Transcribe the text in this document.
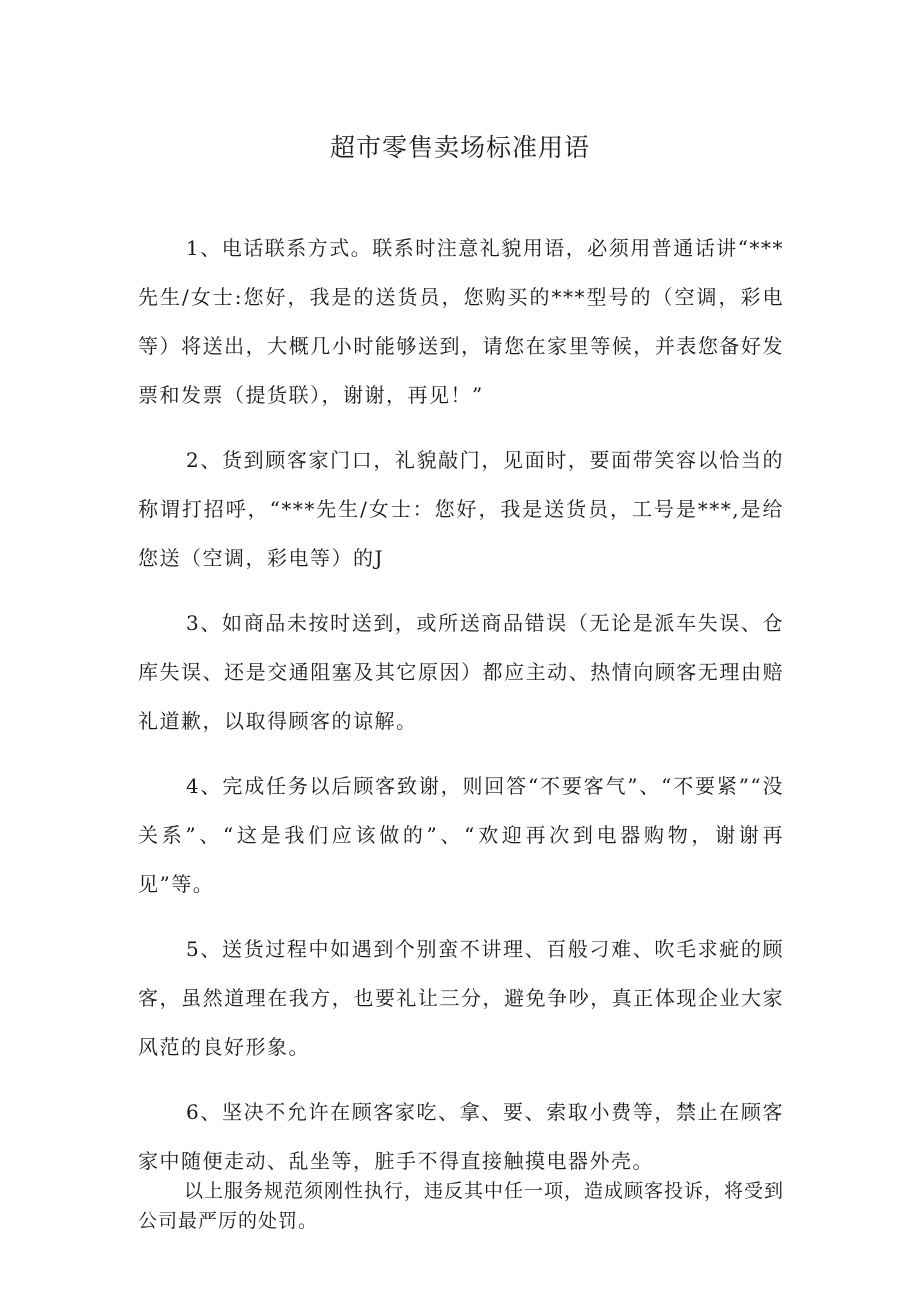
超市零售卖场标准用语

1、电话联系方式。联系时注意礼貌用语，必须用普通话讲“***先生/女士:您好，我是的送货员，您购买的***型号的（空调，彩电等）将送出，大概几小时能够送到，请您在家里等候，并表您备好发票和发票（提货联），谢谢，再见！”

2、货到顾客家门口，礼貌敲门，见面时，要面带笑容以恰当的称谓打招呼，“***先生/女士：您好，我是送货员，工号是***,是给您送（空调，彩电等）的J

3、如商品未按时送到，或所送商品错误（无论是派车失误、仓库失误、还是交通阻塞及其它原因）都应主动、热情向顾客无理由赔礼道歉，以取得顾客的谅解。

4、完成任务以后顾客致谢，则回答“不要客气”、“不要紧”“没关系”、“这是我们应该做的”、“欢迎再次到电器购物，谢谢再见”等。

5、送货过程中如遇到个别蛮不讲理、百般刁难、吹毛求疵的顾客，虽然道理在我方，也要礼让三分，避免争吵，真正体现企业大家风范的良好形象。

6、坚决不允许在顾客家吃、拿、要、索取小费等，禁止在顾客家中随便走动、乱坐等，脏手不得直接触摸电器外壳。

以上服务规范须刚性执行，违反其中任一项，造成顾客投诉，将受到公司最严厉的处罚。
